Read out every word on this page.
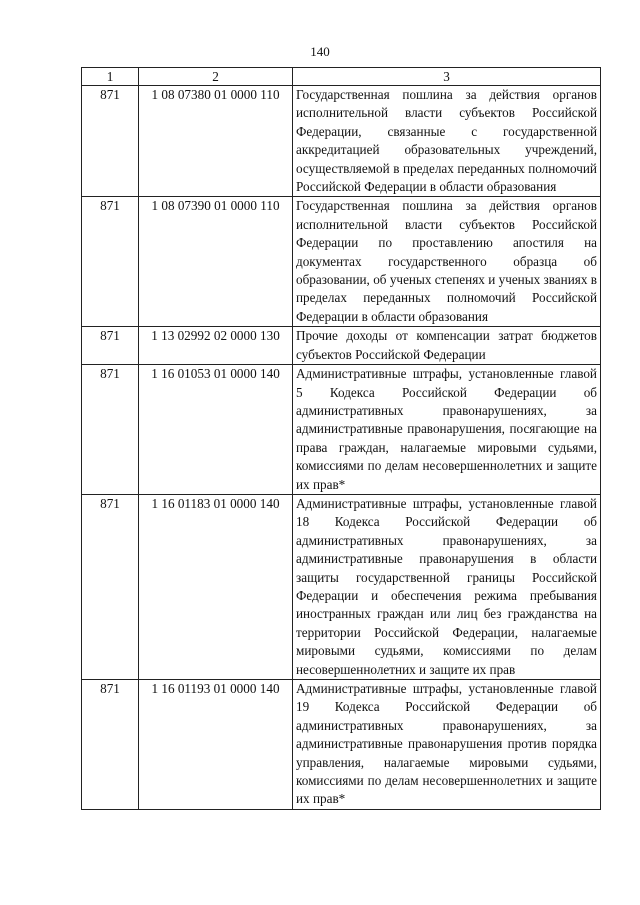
140
1	2	3
871	1 08 07380 01 0000 110	Государственная пошлина за действия органов исполнительной власти субъектов Российской Федерации, связанные с государственной аккредитацией образовательных учреждений, осуществляемой в пределах переданных полномочий Российской Федерации в области образования
871	1 08 07390 01 0000 110	Государственная пошлина за действия органов исполнительной власти субъектов Российской Федерации по проставлению апостиля на документах государственного образца об образовании, об ученых степенях и ученых званиях в пределах переданных полномочий Российской Федерации в области образования
871	1 13 02992 02 0000 130	Прочие доходы от компенсации затрат бюджетов субъектов Российской Федерации
871	1 16 01053 01 0000 140	Административные штрафы, установленные главой 5 Кодекса Российской Федерации об административных правонарушениях, за административные правонарушения, посягающие на права граждан, налагаемые мировыми судьями, комиссиями по делам несовершеннолетних и защите их прав*
871	1 16 01183 01 0000 140	Административные штрафы, установленные главой 18 Кодекса Российской Федерации об административных правонарушениях, за административные правонарушения в области защиты государственной границы Российской Федерации и обеспечения режима пребывания иностранных граждан или лиц без гражданства на территории Российской Федерации, налагаемые мировыми судьями, комиссиями по делам несовершеннолетних и защите их прав
871	1 16 01193 01 0000 140	Административные штрафы, установленные главой 19 Кодекса Российской Федерации об административных правонарушениях, за административные правонарушения против порядка управления, налагаемые мировыми судьями, комиссиями по делам несовершеннолетних и защите их прав*
